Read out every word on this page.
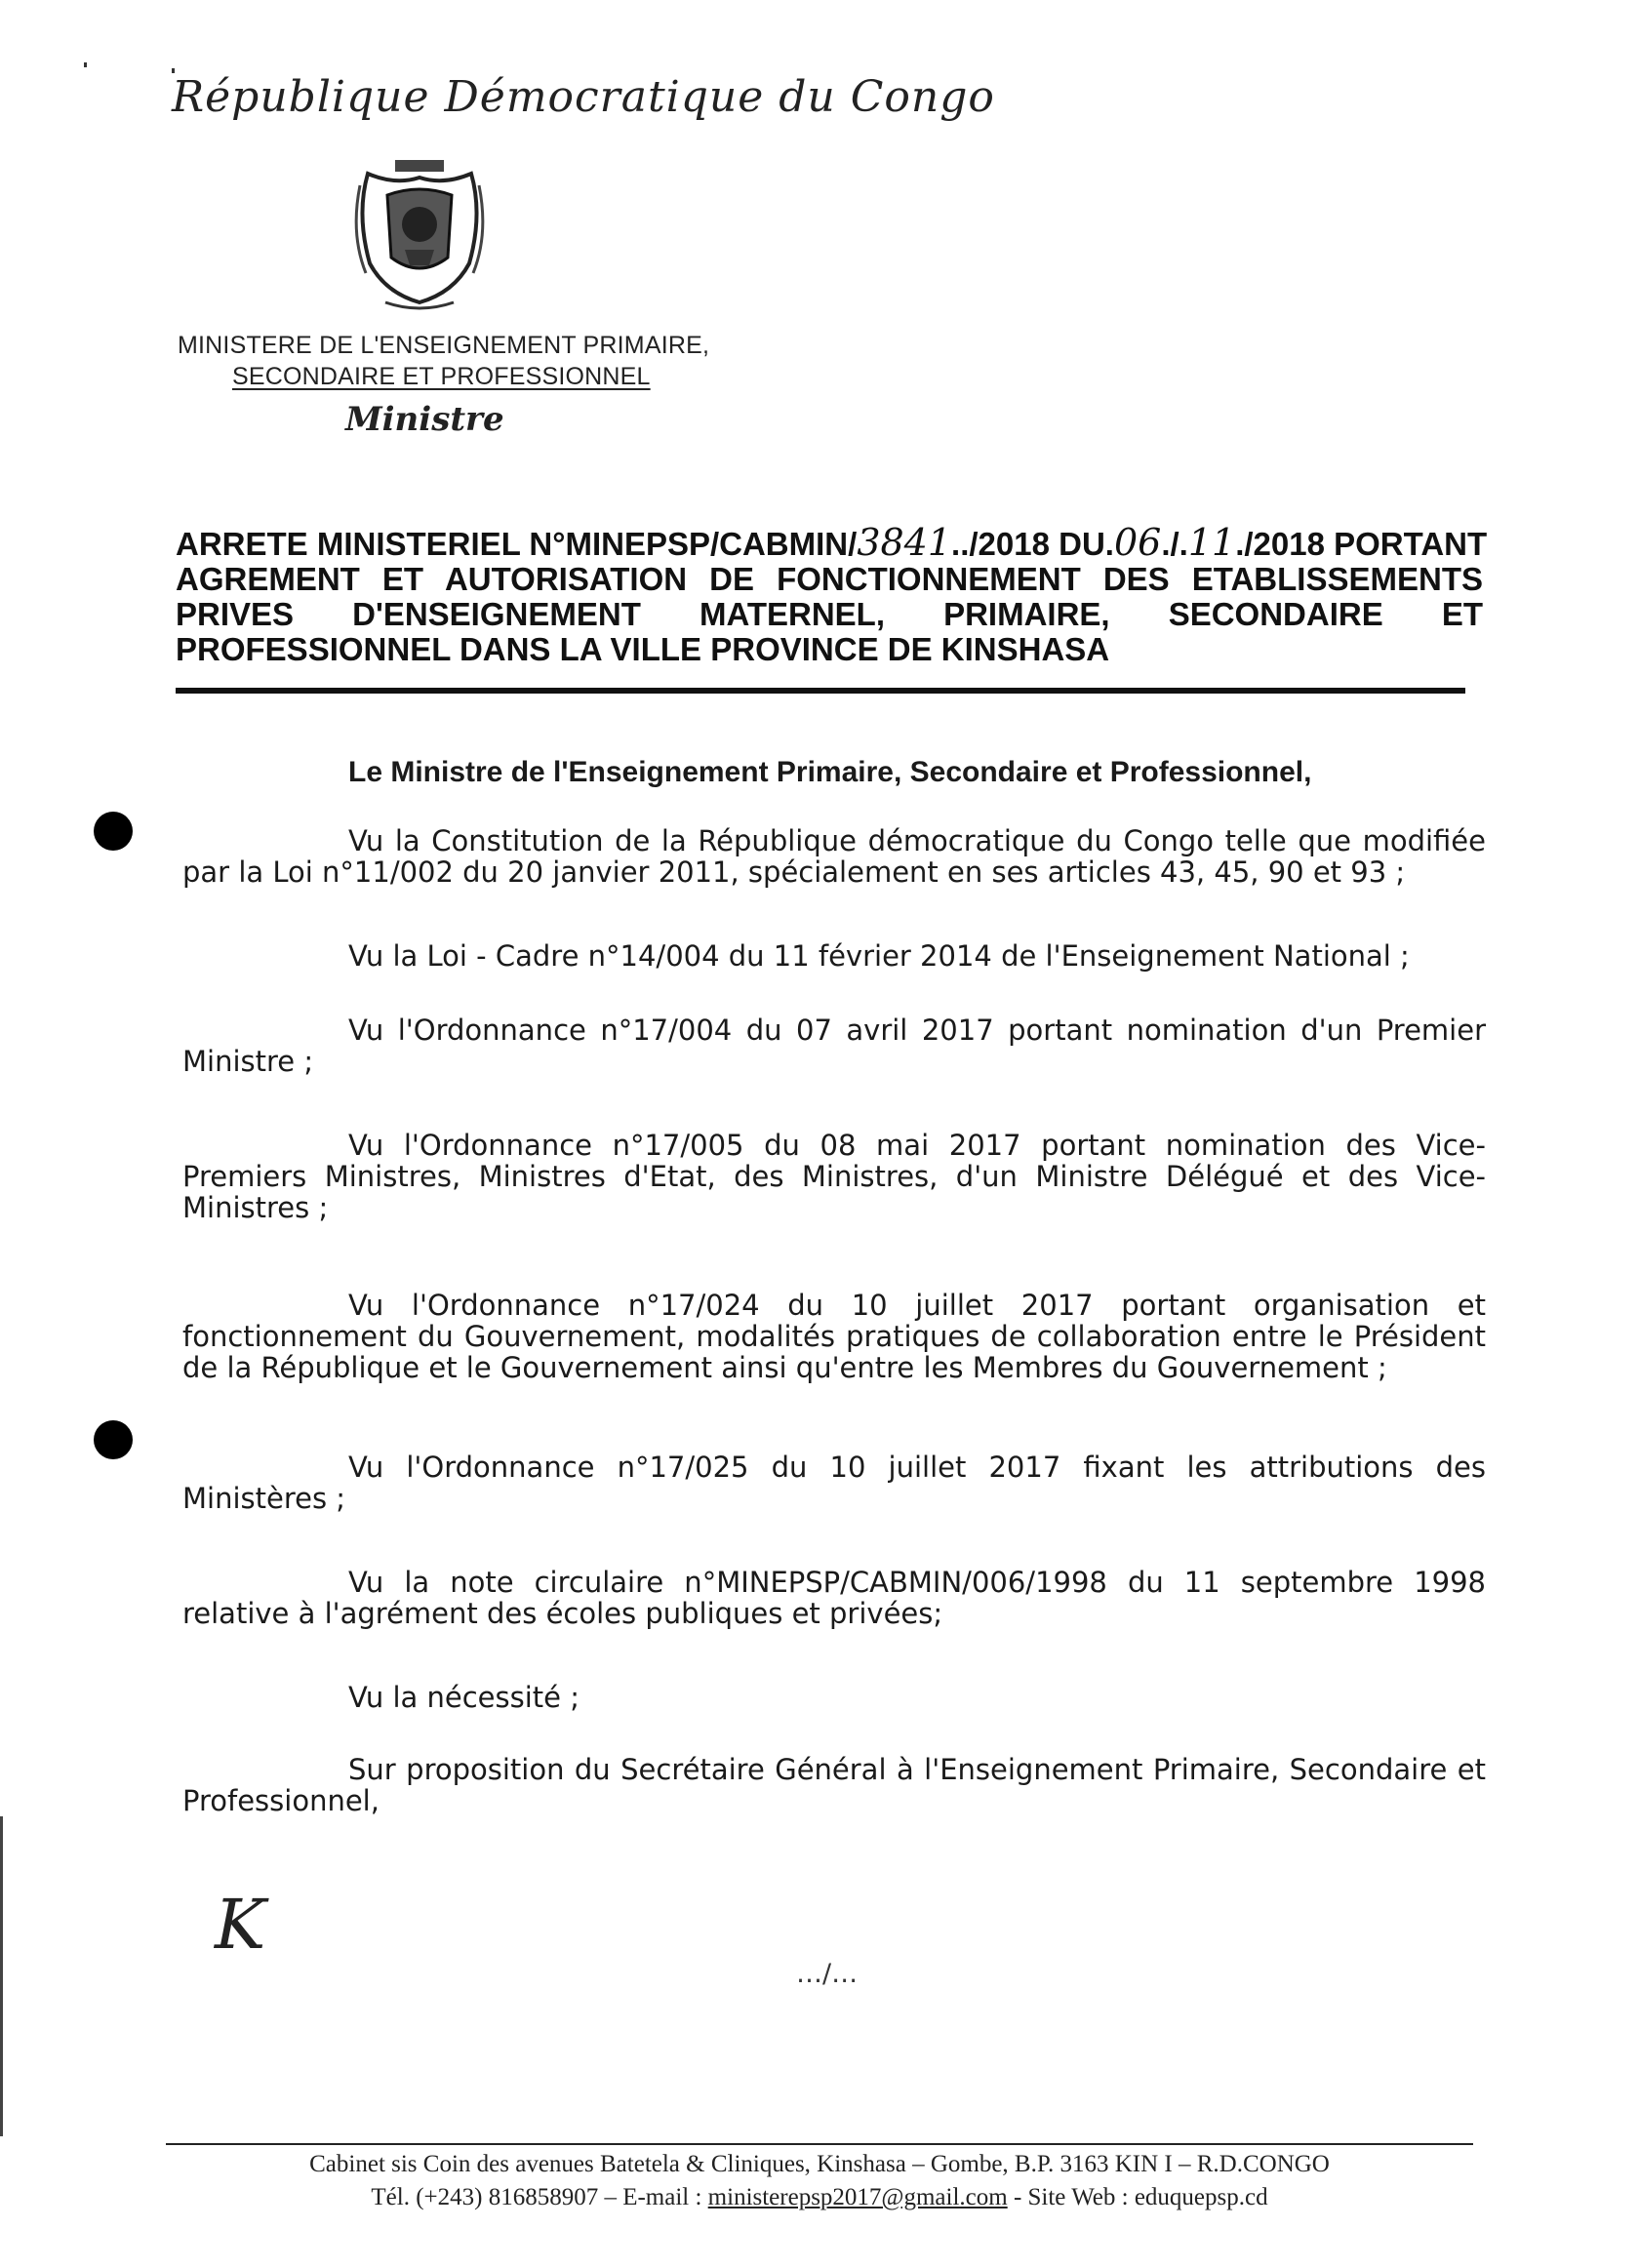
République Démocratique du Congo
MINISTERE DE L'ENSEIGNEMENT PRIMAIRE,
SECONDAIRE ET PROFESSIONNEL
Ministre
ARRETE MINISTERIEL N°MINEPSP/CABMIN/3841../2018 DU.06./.11./2018 PORTANT
AGREMENT ET AUTORISATION DE FONCTIONNEMENT DES ETABLISSEMENTS
PRIVES D'ENSEIGNEMENT MATERNEL, PRIMAIRE, SECONDAIRE ET
PROFESSIONNEL DANS LA VILLE PROVINCE DE KINSHASA
Le Ministre de l'Enseignement Primaire, Secondaire et Professionnel,
Vu la Constitution de la République démocratique du Congo telle que modifiée par la Loi n°11/002 du 20 janvier 2011, spécialement en ses articles 43, 45, 90 et 93 ;
Vu la Loi - Cadre n°14/004 du 11 février 2014 de l'Enseignement National ;
Vu l'Ordonnance n°17/004 du 07 avril 2017 portant nomination d'un Premier Ministre ;
Vu l'Ordonnance n°17/005 du 08 mai 2017 portant nomination des Vice-Premiers Ministres, Ministres d'Etat, des Ministres, d'un Ministre Délégué et des Vice-Ministres ;
Vu l'Ordonnance n°17/024 du 10 juillet 2017 portant organisation et fonctionnement du Gouvernement, modalités pratiques de collaboration entre le Président de la République et le Gouvernement ainsi qu'entre les Membres du Gouvernement ;
Vu l'Ordonnance n°17/025 du 10 juillet 2017 fixant les attributions des Ministères ;
Vu la note circulaire n°MINEPSP/CABMIN/006/1998 du 11 septembre 1998 relative à l'agrément des écoles publiques et privées;
Vu la nécessité ;
Sur proposition du Secrétaire Général à l'Enseignement Primaire, Secondaire et Professionnel,
K
…/…
Cabinet sis Coin des avenues Batetela & Cliniques, Kinshasa – Gombe, B.P. 3163 KIN I – R.D.CONGO
Tél. (+243) 816858907 – E-mail : ministerepsp2017@gmail.com - Site Web : eduquepsp.cd
